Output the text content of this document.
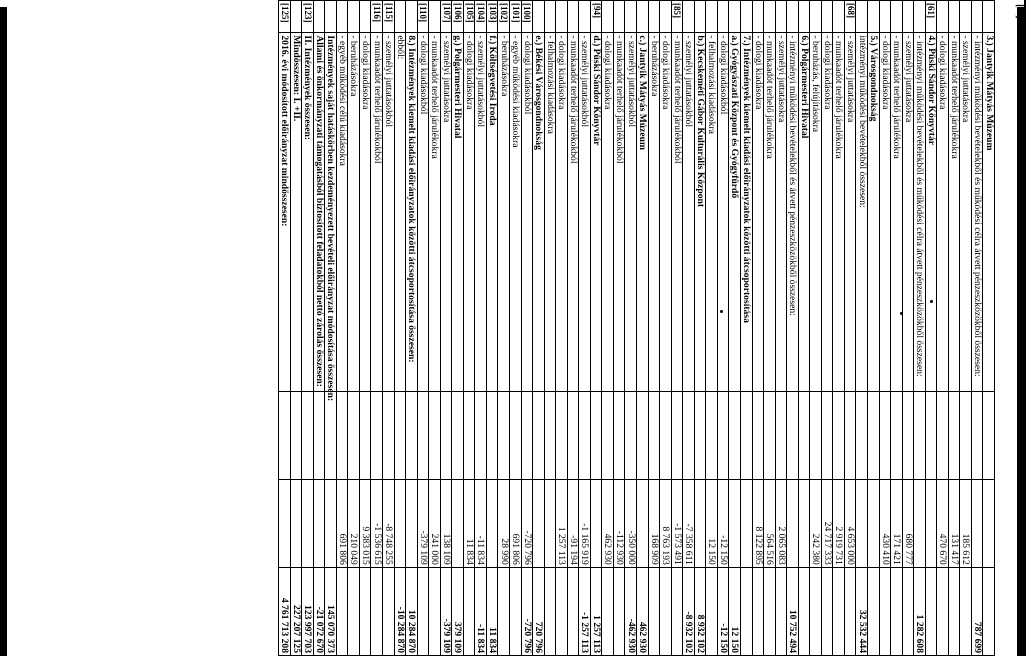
[B]
	3.) Jantyik Mátyás Múzeum			
	- intézményi működési bevételekből és működési célra átvett pénzeszközökből összesen:			787 699
	- személyi juttatásokra		185 612	
	- munkaadót terhelő járulékokra		131 417	
	- dologi kiadásokra		470 670	
[61]	4.) Püski Sándor Könyvtár			
	- intézményi működési bevételekből és működési célra átvett pénzeszközökből összesen:			1 282 608
	- személyi juttatásokra		680 777	
	- munkaadót terhelő járulékokra		171 421	
	- dologi kiadásokra		430 410	
	5.) Városgondnokság			
	intézményi működési bevételekből összesen:			32 532 444
[68]	- személyi juttatásokra		4 653 000	
	- munkaadót terhelő járulékokra		2 919 731	
	- dologi kiadásokra		24 717 333	
	- beruházás, felújításokra		242 380	
	6.) Polgármesteri Hivatal			
	- intézményi működési bevételekből és átvett pénzeszközökből összesen:			10 752 494
	- személyi juttatásokra		2 065 083	
	- munkaadót terhelő járulékokra		564 516	
	- dologi kiadásokra		8 122 895	
	7.) Intézmények kiemelt kiadási előirányzatok közötti átcsoportosítása			
	a.) Gyógyászati Központ és Gyógyfürdő			12 150
	- dologi kiadásokból		-12 150	-12 150
	- felhalmozási kiadásokra		12 150	
	b.) Kecskeméti Gábor Kulturális Központ			8 932 102
	- személyi juttatásokból		-7 358 611	-8 932 102
[85]	- munkaadót terhelő járulékokból		-1 573 491	
	- dologi kiadásokra		8 763 193	
	- beruházásokra		168 909	
	c.) Jantyik Mátyás Múzeum			462 930
	- személyi juttatásokból		-350 000	-462 930
	- munkaadót terhelő járulékokból		-112 930	
	- dologi kiadásokra		462 930	
[94]	d.) Püski Sándor Könyvtár			1 257 113
	- személyi juttatásokból		-1 165 919	-1 257 113
	- munkaadót terhelő járulékokból		-91 194	
	- dologi kiadásokra		1 257 113	
	- felhalmozási kiadásokra			
	e.) Békési Városgondnokság			720 796
[100]	- dologi kiadásokból		-720 796	-720 796
[101]	- egyéb működési kiadásokra		691 806	
[102]	- beruházásokra		28 990	
[103]	f.) Költségvetési Iroda			11 834
[104]	- személyi juttatásokból		-11 834	-11 834
[105]	- dologi kiadásokra		11 834	
[106]	g.) Polgármesteri Hivatal			379 109
[107]	- személyi juttatásokra		138 109	-379 109
	- munkaadót terhelő járulékokra		241 000	
[110]	- dologi kiadásokból		-379 109	
	8.) Intézmények kiemelt kiadási előirányzatok közötti átcsoportosítása összesen:			10 284 870
	ebből:			-10 284 870
[115]	- személyi juttatásokból		-8 748 255	
[116]	- munkaadót terhelő járulékokból		-1 536 615	
	- dologi kiadásokra		9 383 015	
	- beruházásokra		210 049	
	- egyéb működési célú kiadásokra		691 806	
	Intézmények saját hatáskörben kezdeményezett bevételi előirányzat módosítása összesen:			145 070 373
	Állami és önkormányzati támogatásból biztosított feladatokból nettó zárolás összesen:			-21 072 670
[123]	II. Intézmények összesen:			123 997 703
	Mindösszesen: I. +II.			227 207 125
[125]	2016. évi módosított előirányzat mindösszesen:			4 761 713 208
